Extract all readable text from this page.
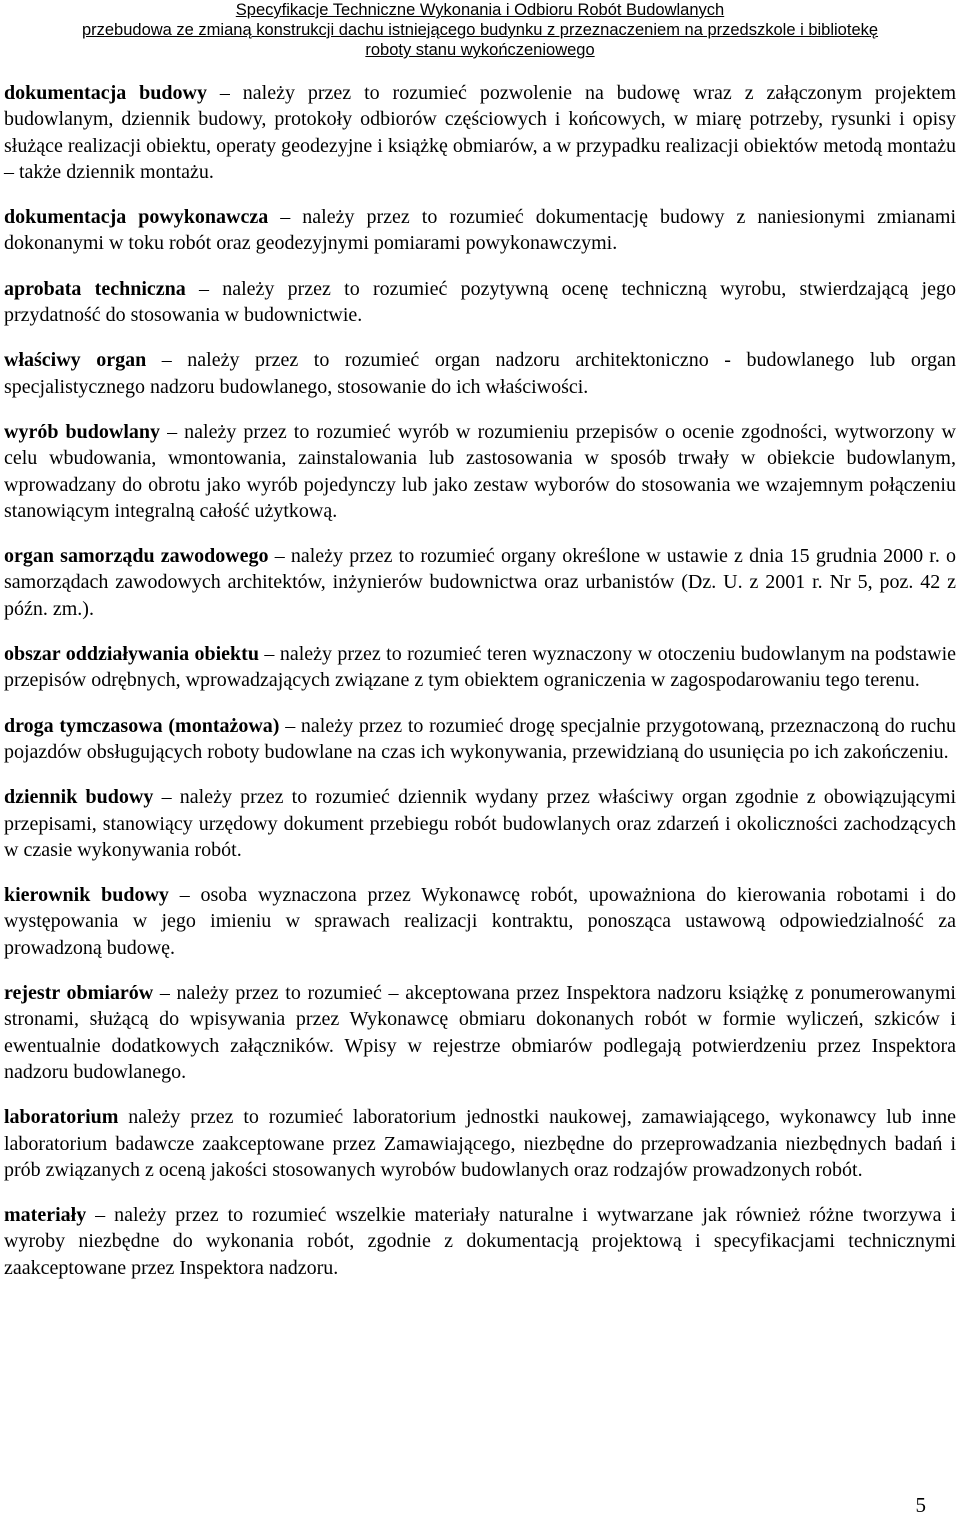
Specyfikacje Techniczne Wykonania i Odbioru Robót Budowlanych
przebudowa ze zmianą konstrukcji dachu istniejącego budynku z przeznaczeniem na przedszkole i bibliotekę
roboty stanu wykończeniowego

dokumentacja budowy – należy przez to rozumieć pozwolenie na budowę wraz z załączonym projektem budowlanym, dziennik budowy, protokoły odbiorów częściowych i końcowych, w miarę potrzeby, rysunki i opisy służące realizacji obiektu, operaty geodezyjne i książkę obmiarów, a w przypadku realizacji obiektów metodą montażu – także dziennik montażu.

dokumentacja powykonawcza – należy przez to rozumieć dokumentację budowy z naniesionymi zmianami dokonanymi w toku robót oraz geodezyjnymi pomiarami powykonawczymi.

aprobata techniczna – należy przez to rozumieć pozytywną ocenę techniczną wyrobu, stwierdzającą jego przydatność do stosowania w budownictwie.

właściwy organ – należy przez to rozumieć organ nadzoru architektoniczno - budowlanego lub organ specjalistycznego nadzoru budowlanego, stosowanie do ich właściwości.

wyrób budowlany – należy przez to rozumieć wyrób w rozumieniu przepisów o ocenie zgodności, wytworzony w celu wbudowania, wmontowania, zainstalowania lub zastosowania w sposób trwały w obiekcie budowlanym, wprowadzany do obrotu jako wyrób pojedynczy lub jako zestaw wyborów do stosowania we wzajemnym połączeniu stanowiącym integralną całość użytkową.

organ samorządu zawodowego – należy przez to rozumieć organy określone w ustawie z dnia 15 grudnia 2000 r. o samorządach zawodowych architektów, inżynierów budownictwa oraz urbanistów (Dz. U. z 2001 r. Nr 5, poz. 42 z późn. zm.).

obszar oddziaływania obiektu – należy przez to rozumieć teren wyznaczony w otoczeniu budowlanym na podstawie przepisów odrębnych, wprowadzających związane z tym obiektem ograniczenia w zagospodarowaniu tego terenu.

droga tymczasowa (montażowa) – należy przez to rozumieć drogę specjalnie przygotowaną, przeznaczoną do ruchu pojazdów obsługujących roboty budowlane na czas ich wykonywania, przewidzianą do usunięcia po ich zakończeniu.

dziennik budowy – należy przez to rozumieć dziennik wydany przez właściwy organ zgodnie z obowiązującymi przepisami, stanowiący urzędowy dokument przebiegu robót budowlanych oraz zdarzeń i okoliczności zachodzących w czasie wykonywania robót.

kierownik budowy – osoba wyznaczona przez Wykonawcę robót, upoważniona do kierowania robotami i do występowania w jego imieniu w sprawach realizacji kontraktu, ponosząca ustawową odpowiedzialność za prowadzoną budowę.

rejestr obmiarów – należy przez to rozumieć – akceptowana przez Inspektora nadzoru książkę z ponumerowanymi stronami, służącą do wpisywania przez Wykonawcę obmiaru dokonanych robót w formie wyliczeń, szkiców i ewentualnie dodatkowych załączników. Wpisy w rejestrze obmiarów podlegają potwierdzeniu przez Inspektora nadzoru budowlanego.

laboratorium należy przez to rozumieć laboratorium jednostki naukowej, zamawiającego, wykonawcy lub inne laboratorium badawcze zaakceptowane przez Zamawiającego, niezbędne do przeprowadzania niezbędnych badań i prób związanych z oceną jakości stosowanych wyrobów budowlanych oraz rodzajów prowadzonych robót.

materiały – należy przez to rozumieć wszelkie materiały naturalne i wytwarzane jak również różne tworzywa i wyroby niezbędne do wykonania robót, zgodnie z dokumentacją projektową i specyfikacjami technicznymi zaakceptowane przez Inspektora nadzoru.

5
